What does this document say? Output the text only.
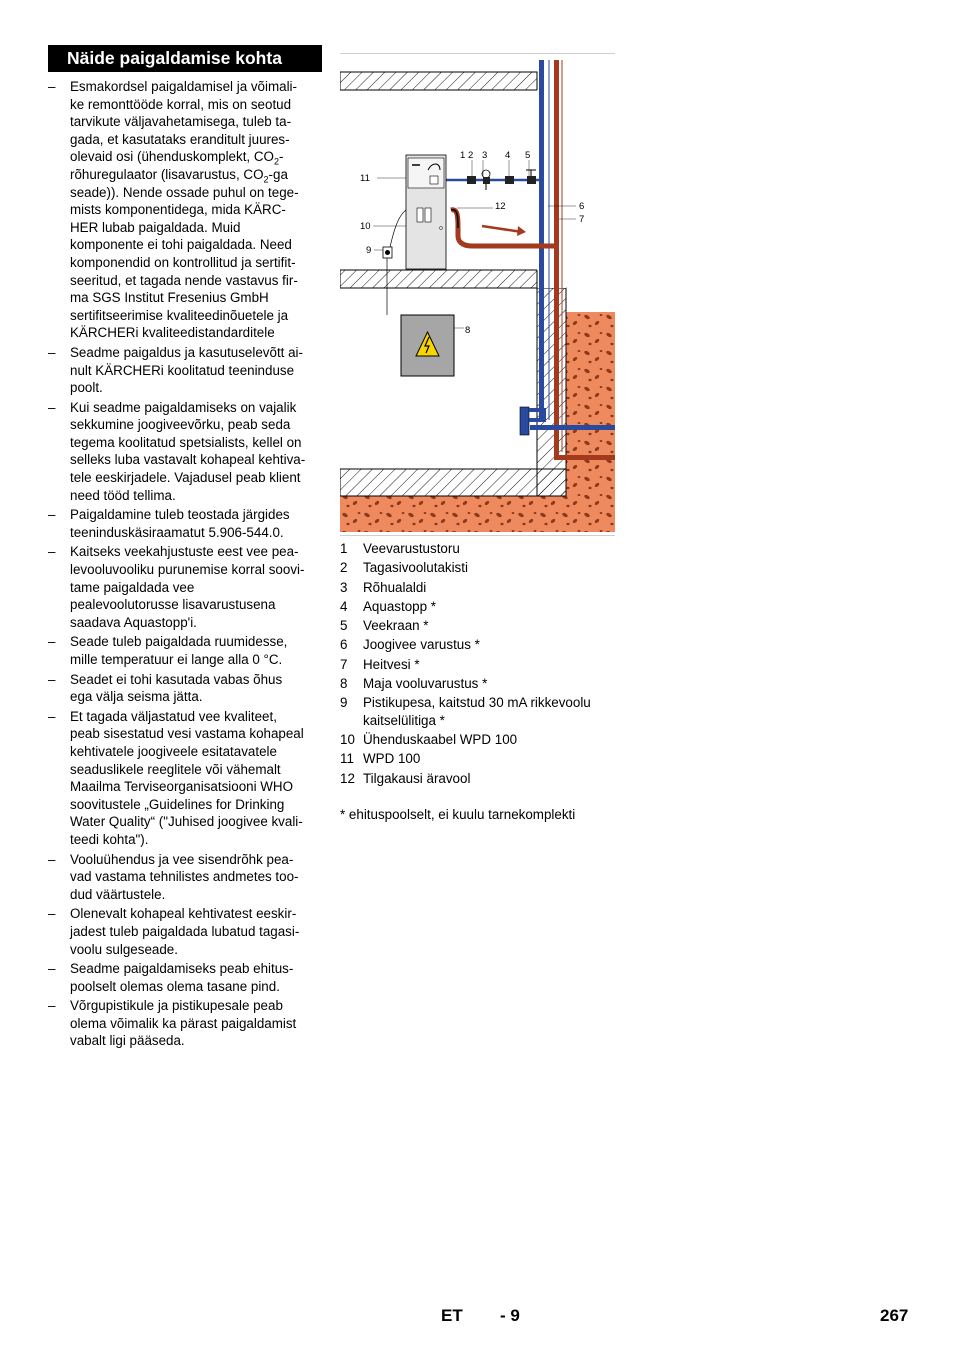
Näide paigaldamise kohta
– Esmakordsel paigaldamisel ja võimali-
ke remonttööde korral, mis on seotud
tarvikute väljavahetamisega, tuleb ta-
gada, et kasutataks eranditult juures-
olevaid osi (ühenduskomplekt, $CO_2-$
rõhuregulaator (lisavarustus, $CO_2-ga$
seade)). Nende ossade puhul on tege-
mists komponentidega, mida KÄRC-
HER lubab paigaldada. Muid
komponente ei tohi paigaldada. Need
komponendid on kontrollitud ja sertifit-
seeritud, et tagada nende vastavus fir-
ma SGS Institut Fresenius GmbH
sertifitseerimise kvaliteedinõuetele ja
KÄRCHERi kvaliteedistandarditele
– Seadme paigaldus ja kasutuselevõtt ai-
nult KÄRCHERi koolitatud teeninduse
poolt.
– Kui seadme paigaldamiseks on vajalik
sekkumine joogiveevõrku, peab seda
tegema koolitatud spetsialists, kellel on
selleks luba vastavalt kohapeal kehtiva-
tele eeskirjadele. Vajadusel peab klient
need tööd tellima.
– Paigaldamine tuleb teostada järgides
teeninduskäsiraamatut 5.906-544.0.
– Kaitseks veekahjustuste eest vee pea-
levooluvooliku purunemise korral soovi-
tame paigaldada vee
pealevoolutorusse lisavarustusena
saadava Aquastopp'i.
– Seade tuleb paigaldada ruumidesse,
mille temperatuur ei lange alla 0 °C.
– Seadet ei tohi kasutada vabas õhus
ega välja seisma jätta.
– Et tagada väljastatud vee kvaliteet,
peab sisestatud vesi vastama kohapeal
kehtivatele joogiveele esitatavatele
seaduslikele reeglitele või vähemalt
Maailma Terviseorganisatsiooni WHO
soovitustele „Guidelines for Drinking
Water Quality“ ("Juhised joogivee kvali-
teedi kohta").
– Vooluühendus ja vee sisendrõhk pea-
vad vastama tehnilistes andmetes too-
dud väärtustele.
– Olenevalt kohapeal kehtivatest eeskir-
jadest tuleb paigaldada lubatud tagasi-
voolu sulgeseade.
– Seadme paigaldamiseks peab ehitus-
poolselt olemas olema tasane pind.
– Võrgupistikule ja pistikupesale peab
olema võimalik ka pärast paigaldamist
vabalt ligi pääseda.
1 2 3 4 5
6
7
8
9
10
11
12
1 Veevarustustoru
2 Tagasivoolutakisti
3 Rõhualaldi
4 Aquastopp *
5 Veekraan *
6 Joogivee varustus *
7 Heitvesi *
8 Maja vooluvarustus *
9 Pistikupesa, kaitstud 30 mA rikkevoolu
kaitselülitiga *
10 Ühenduskaabel WPD 100
11 WPD 100
12 Tilgakausi äravool
* ehituspoolselt, ei kuulu tarnekomplekti
ET - 9	267
